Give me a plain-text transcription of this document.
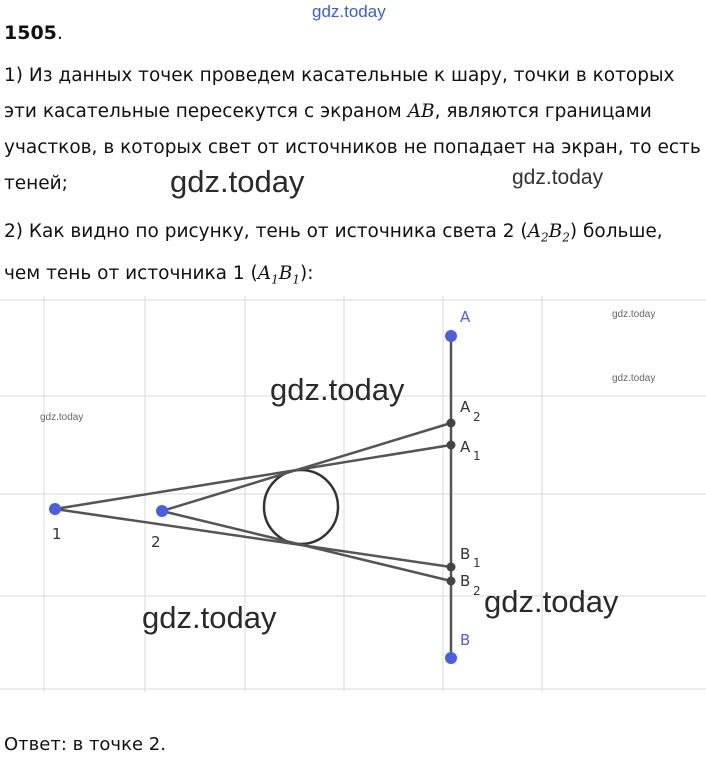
gdz.today
1505.
1) Из данных точек проведем касательные к шару, точки в которых эти касательные пересекутся с экраном AB, являются границами участков, в которых свет от источников не попадает на экран, то есть теней;	gdz.today	gdz.today
2) Как видно по рисунку, тень от источника света 2 $(A_2B_2)$ больше, чем тень от источника 1 $(A_1B_1)$:
A
A
2
A 1
B 1
B
2
B
1	2
gdz.today
gdz.today	gdz.today
gdz.today
gdz.today
gdz.today
Ответ: в точке 2.
